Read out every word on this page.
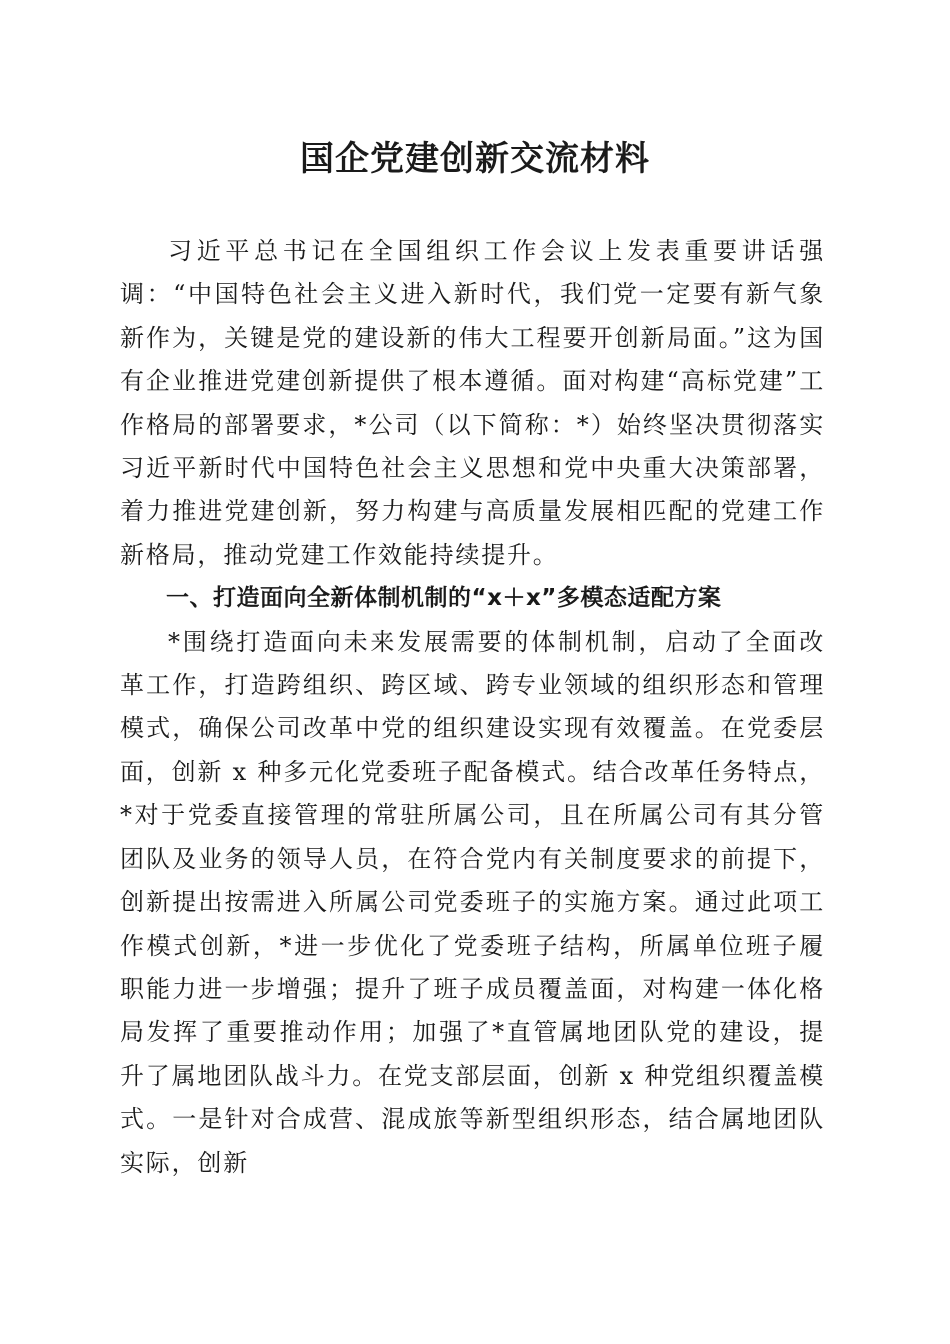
国企党建创新交流材料

习近平总书记在全国组织工作会议上发表重要讲话强调：“中国特色社会主义进入新时代，我们党一定要有新气象新作为，关键是党的建设新的伟大工程要开创新局面。”这为国有企业推进党建创新提供了根本遵循。面对构建“高标党建”工作格局的部署要求，*公司（以下简称：*）始终坚决贯彻落实习近平新时代中国特色社会主义思想和党中央重大决策部署，着力推进党建创新，努力构建与高质量发展相匹配的党建工作新格局，推动党建工作效能持续提升。

一、打造面向全新体制机制的“x＋x”多模态适配方案

*围绕打造面向未来发展需要的体制机制，启动了全面改革工作，打造跨组织、跨区域、跨专业领域的组织形态和管理模式，确保公司改革中党的组织建设实现有效覆盖。在党委层面，创新 x 种多元化党委班子配备模式。结合改革任务特点，*对于党委直接管理的常驻所属公司，且在所属公司有其分管团队及业务的领导人员，在符合党内有关制度要求的前提下，创新提出按需进入所属公司党委班子的实施方案。通过此项工作模式创新，*进一步优化了党委班子结构，所属单位班子履职能力进一步增强；提升了班子成员覆盖面，对构建一体化格局发挥了重要推动作用；加强了*直管属地团队党的建设，提升了属地团队战斗力。在党支部层面，创新 x 种党组织覆盖模式。一是针对合成营、混成旅等新型组织形态，结合属地团队实际，创新
